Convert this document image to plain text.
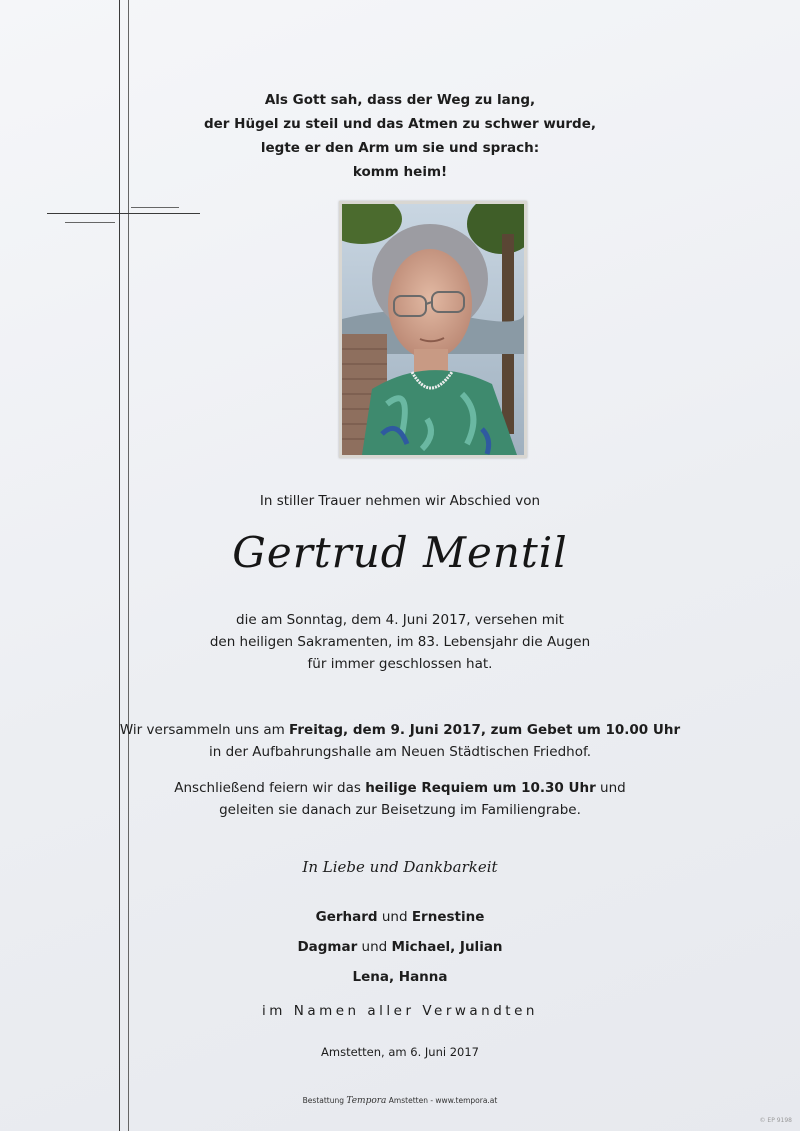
Als Gott sah, dass der Weg zu lang,
der Hügel zu steil und das Atmen zu schwer wurde,
legte er den Arm um sie und sprach:
komm heim!
In stiller Trauer nehmen wir Abschied von
Gertrud Mentil
die am Sonntag, dem 4. Juni 2017, versehen mit
den heiligen Sakramenten, im 83. Lebensjahr die Augen
für immer geschlossen hat.
Wir versammeln uns am Freitag, dem 9. Juni 2017, zum Gebet um 10.00 Uhr
in der Aufbahrungshalle am Neuen Städtischen Friedhof.
Anschließend feiern wir das heilige Requiem um 10.30 Uhr und
geleiten sie danach zur Beisetzung im Familiengrabe.
In Liebe und Dankbarkeit
Gerhard und Ernestine
Dagmar und Michael, Julian
Lena, Hanna
im Namen aller Verwandten
Amstetten, am 6. Juni 2017
Bestattung Tempora Amstetten - www.tempora.at
© EP 9198
